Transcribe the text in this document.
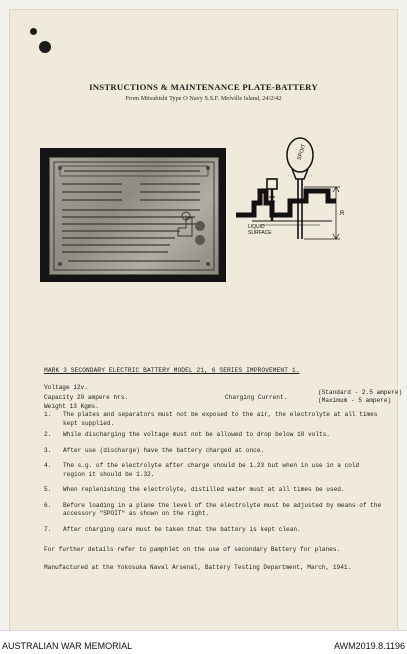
INSTRUCTIONS & MAINTENANCE PLATE-BATTERY
From Mitsubishi Type O Navy S.S.F. Melville Island, 24/2/42
SPOIT
R
LIQUID SURFACE
MARK 3 SECONDARY ELECTRIC BATTERY MODEL 21, 6 SERIES IMPROVEMENT 1.
Voltage 12v.
Capacity 20 ampere hrs.
Weight 13 Kgms.
Charging Current.
(Standard - 2.5 ampere)
(Maximum - 5 ampere)
1. The plates and separators must not be exposed to the air, the electrolyte at all times kept supplied.
2. While discharging the voltage must not be allowed to drop below 10 volts.
3. After use (discharge) have the battery charged at once.
4. The s.g. of the electrolyte after charge should be 1.23 but when in use in a cold region it should be 1.32.
5. When replenishing the electrolyte, distilled water must at all times be used.
6. Before loading in a plane the level of the electrolyte must be adjusted by means of the accessory "SPOIT" as shown on the right.
7. After charging care must be taken that the battery is kept clean.
For further details refer to pamphlet on the use of secondary Battery for planes.
Manufactured at the Yokosuka Naval Arsenal, Battery Testing Department, March, 1941.
AUSTRALIAN WAR MEMORIAL	AWM2019.8.1196
